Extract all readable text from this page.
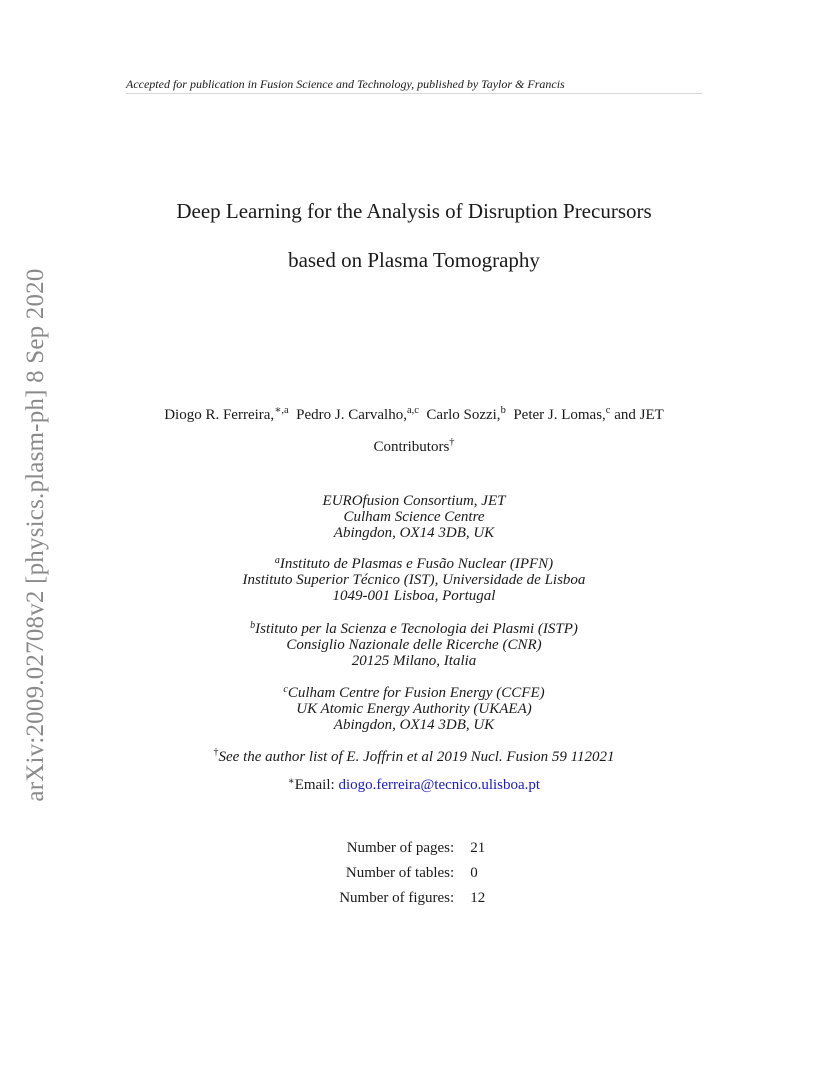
Accepted for publication in Fusion Science and Technology, published by Taylor & Francis
arXiv:2009.02708v2 [physics.plasm-ph] 8 Sep 2020
Deep Learning for the Analysis of Disruption Precursors
based on Plasma Tomography
Diogo R. Ferreira,$^{∗,a}$ Pedro J. Carvalho,$^{a,c}$ Carlo Sozzi,$^b$ Peter J. Lomas,$^c$ and JET
Contributors†
EUROfusion Consortium, JET
Culham Science Centre
Abingdon, OX14 3DB, UK
$^a$Instituto de Plasmas e Fusão Nuclear (IPFN)
Instituto Superior Técnico (IST), Universidade de Lisboa
1049-001 Lisboa, Portugal
$^b$Istituto per la Scienza e Tecnologia dei Plasmi (ISTP)
Consiglio Nazionale delle Ricerche (CNR)
20125 Milano, Italia
$^c$Culham Centre for Fusion Energy (CCFE)
UK Atomic Energy Authority (UKAEA)
Abingdon, OX14 3DB, UK
†See the author list of E. Joffrin et al 2019 Nucl. Fusion 59 112021
∗Email: diogo.ferreira@tecnico.ulisboa.pt
Number of pages:	21
Number of tables:	0
Number of figures:	12
